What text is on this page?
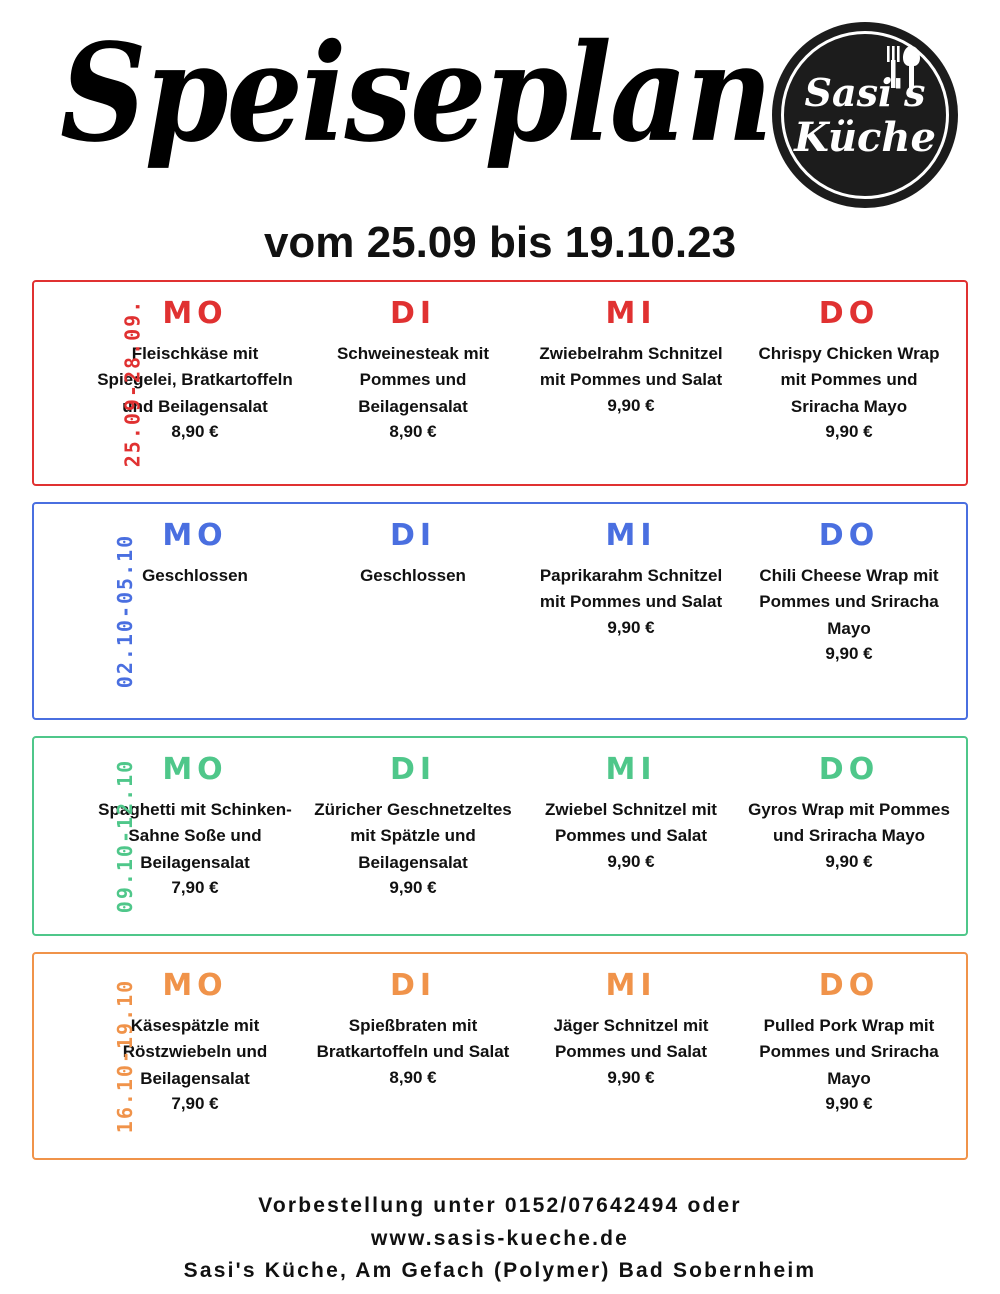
Speiseplan
vom 25.09 bis 19.10.23
Sasi's
Küche
25.09-28.09. MO
Fleischkäse mit Spiegelei, Bratkartoffeln und Beilagensalat
8,90 €
DI
Schweinesteak mit Pommes und Beilagensalat
8,90 €
MI
Zwiebelrahm Schnitzel mit Pommes und Salat
9,90 €
DO
Chrispy Chicken Wrap mit Pommes und Sriracha Mayo
9,90 €
02.10-05.10 MO
Geschlossen
DI
Geschlossen
MI
Paprikarahm Schnitzel mit Pommes und Salat
9,90 €
DO
Chili Cheese Wrap mit Pommes und Sriracha Mayo
9,90 €
09.10-12.10 MO
Spaghetti mit Schinken-Sahne Soße und Beilagensalat
7,90 €
DI
Züricher Geschnetzeltes mit Spätzle und Beilagensalat
9,90 €
MI
Zwiebel Schnitzel mit Pommes und Salat
9,90 €
DO
Gyros Wrap mit Pommes und Sriracha Mayo
9,90 €
16.10-19.10 MO
Käsespätzle mit Röstzwiebeln und Beilagensalat
7,90 €
DI
Spießbraten mit Bratkartoffeln und Salat
8,90 €
MI
Jäger Schnitzel mit Pommes und Salat
9,90 €
DO
Pulled Pork Wrap mit Pommes und Sriracha Mayo
9,90 €
Vorbestellung unter 0152/07642494 oder
www.sasis-kueche.de
Sasi's Küche, Am Gefach (Polymer) Bad Sobernheim
